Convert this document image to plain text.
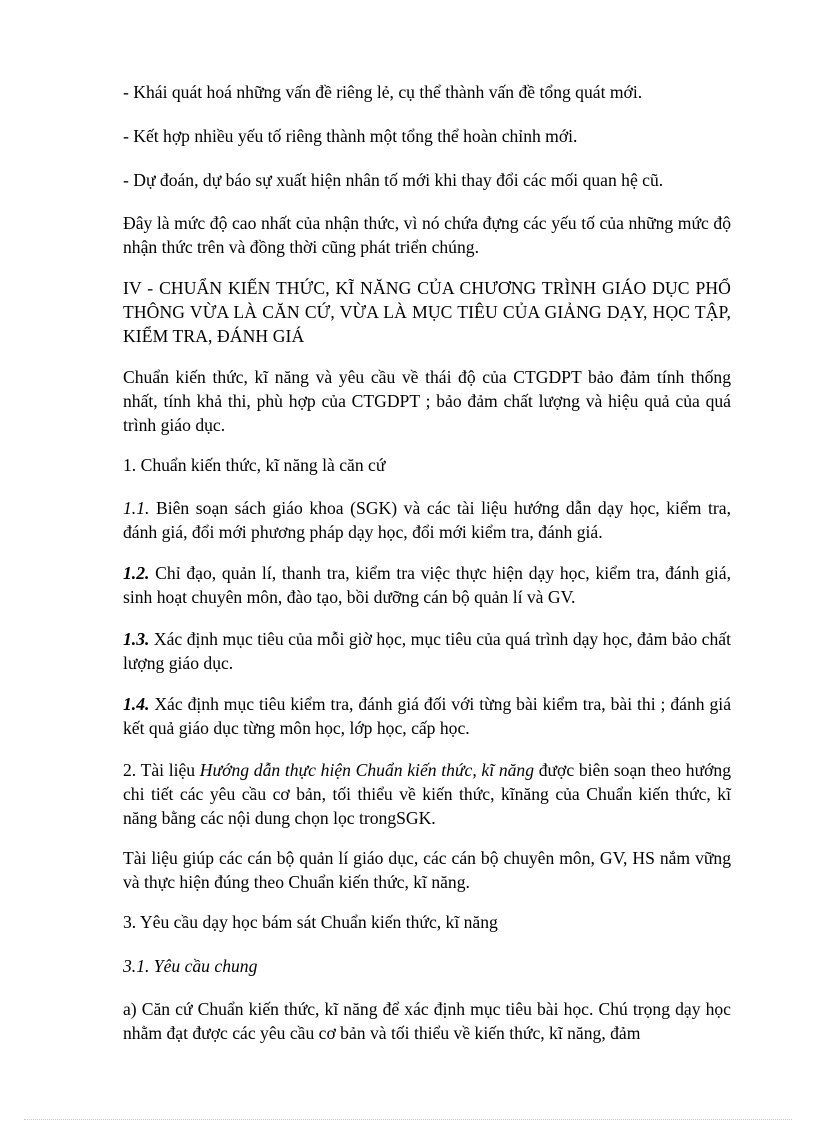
- Khái quát hoá những vấn đề riêng lẻ, cụ thể thành vấn đề tổng quát mới.

- Kết hợp nhiều yếu tố riêng thành một tổng thể hoàn chỉnh mới.

- Dự đoán, dự báo sự xuất hiện nhân tố mới khi thay đổi các mối quan hệ cũ.

Đây là mức độ cao nhất của nhận thức, vì nó chứa đựng các yếu tố của những mức độ nhận thức trên và đồng thời cũng phát triển chúng.

IV - CHUẨN KIẾN THỨC, KĨ NĂNG CỦA CHƯƠNG TRÌNH GIÁO DỤC PHỔ THÔNG VỪA LÀ CĂN CỨ, VỪA LÀ MỤC TIÊU CỦA GIẢNG DẠY, HỌC TẬP, KIỂM TRA, ĐÁNH GIÁ

Chuẩn kiến thức, kĩ năng và yêu cầu về thái độ của CTGDPT bảo đảm tính thống nhất, tính khả thi, phù hợp của CTGDPT ; bảo đảm chất lượng và hiệu quả của quá trình giáo dục.

1. Chuẩn kiến thức, kĩ năng là căn cứ

1.1. Biên soạn sách giáo khoa (SGK) và các tài liệu hướng dẫn dạy học, kiểm tra, đánh giá, đổi mới phương pháp dạy học, đổi mới kiểm tra, đánh giá.

1.2. Chỉ đạo, quản lí, thanh tra, kiểm tra việc thực hiện dạy học, kiểm tra, đánh giá, sinh hoạt chuyên môn, đào tạo, bồi dưỡng cán bộ quản lí và GV.

1.3. Xác định mục tiêu của mỗi giờ học, mục tiêu của quá trình dạy học, đảm bảo chất lượng giáo dục.

1.4. Xác định mục tiêu kiểm tra, đánh giá đối với từng bài kiểm tra, bài thi ; đánh giá kết quả giáo dục từng môn học, lớp học, cấp học.

2. Tài liệu Hướng dẫn thực hiện Chuẩn kiến thức, kĩ năng được biên soạn theo hướng chi tiết các yêu cầu cơ bản, tối thiểu về kiến thức, kĩnăng của Chuẩn kiến thức, kĩ năng bằng các nội dung chọn lọc trongSGK.

Tài liệu giúp các cán bộ quản lí giáo dục, các cán bộ chuyên môn, GV, HS nắm vững và thực hiện đúng theo Chuẩn kiến thức, kĩ năng.

3. Yêu cầu dạy học bám sát Chuẩn kiến thức, kĩ năng

3.1. Yêu cầu chung

a) Căn cứ Chuẩn kiến thức, kĩ năng để xác định mục tiêu bài học. Chú trọng dạy học nhằm đạt được các yêu cầu cơ bản và tối thiểu về kiến thức, kĩ năng, đảm
